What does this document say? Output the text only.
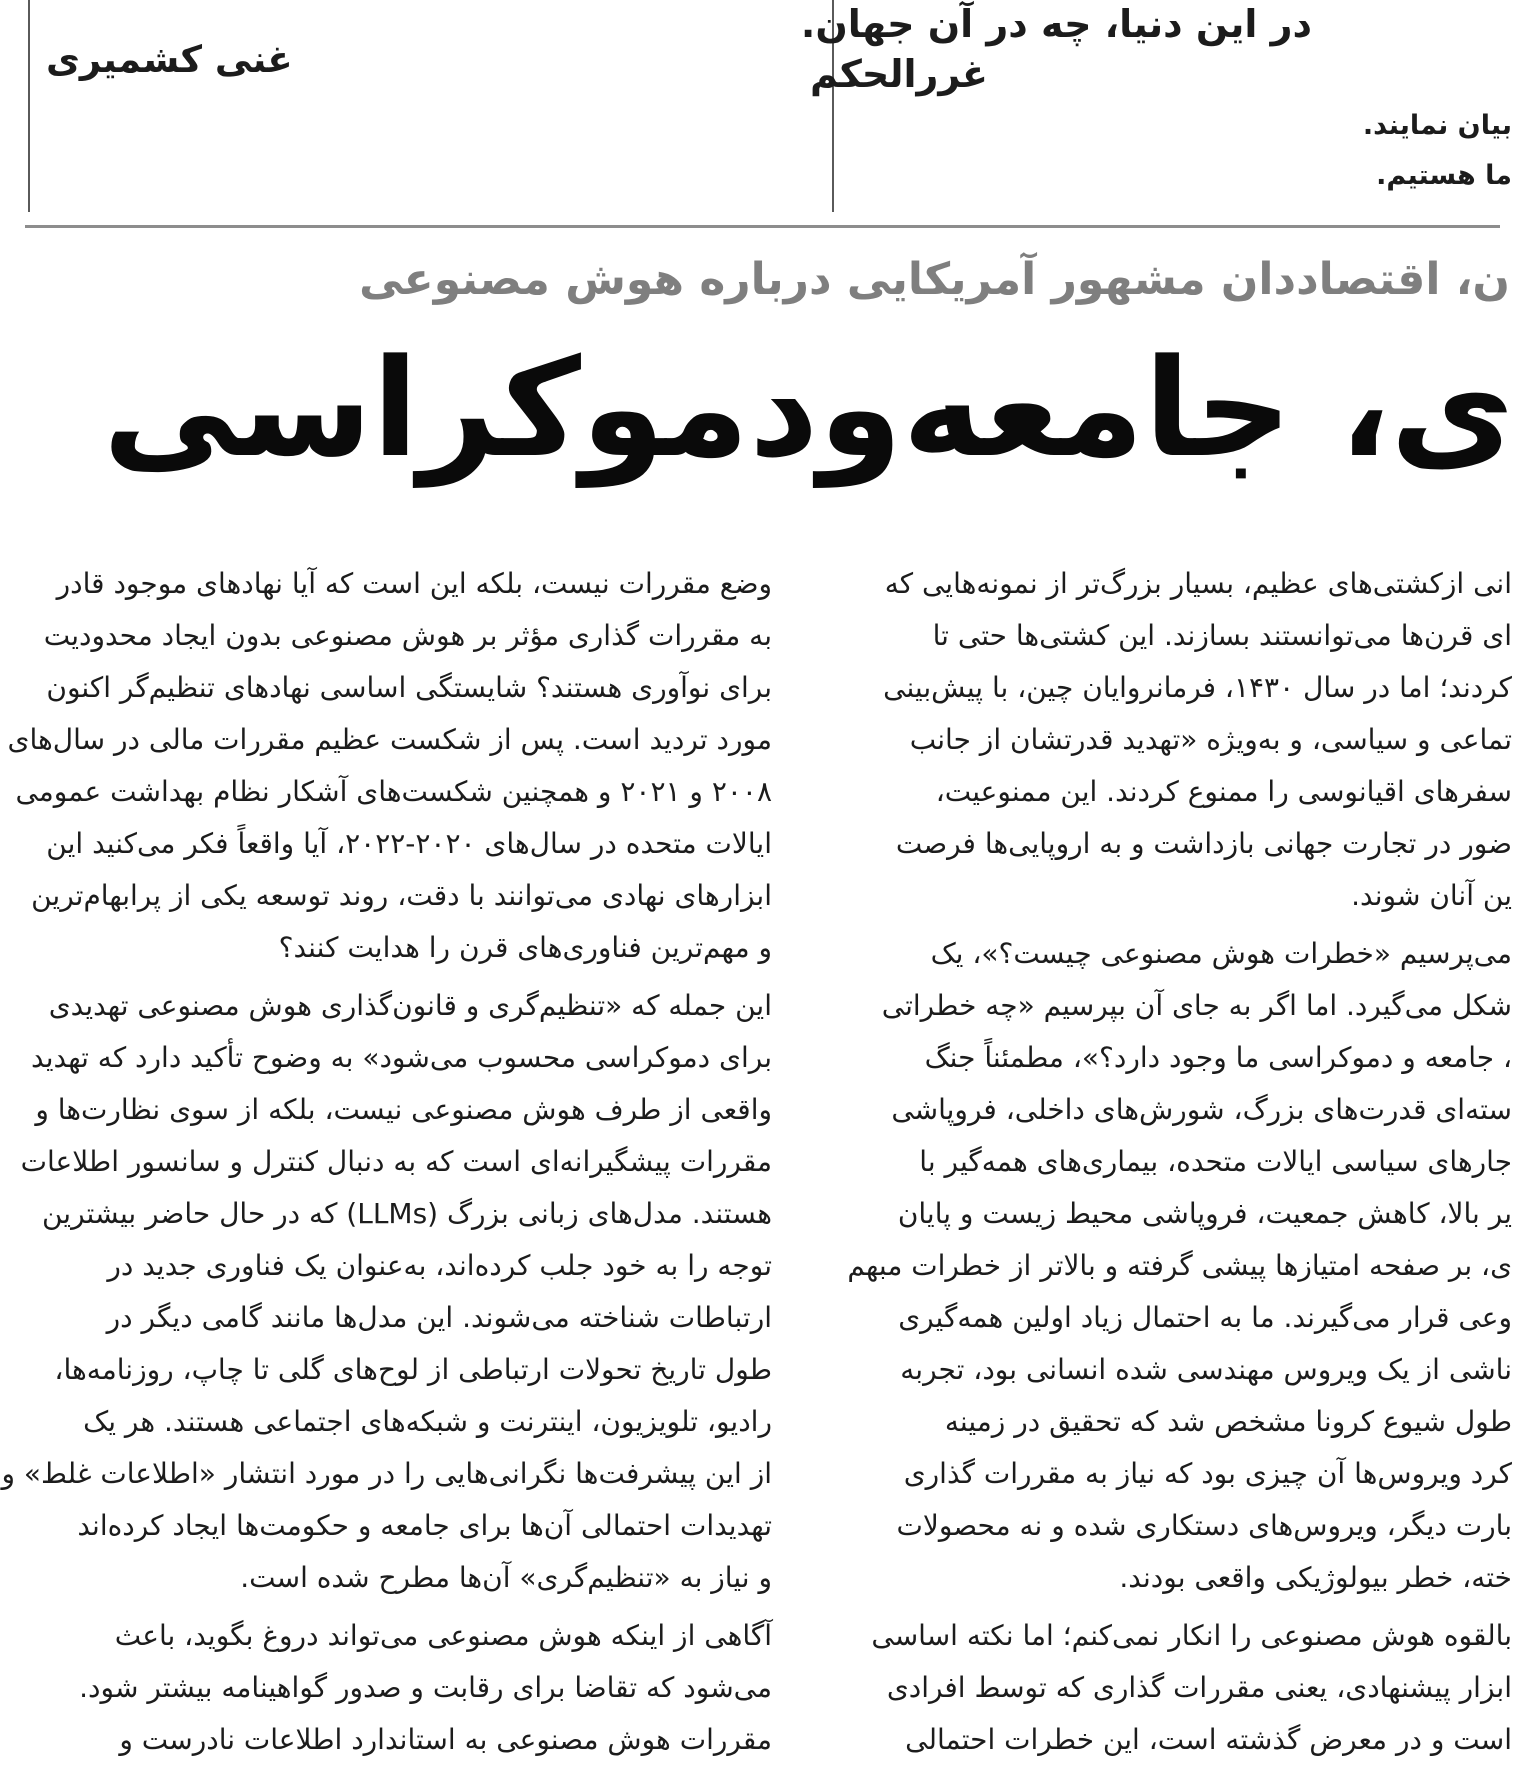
غنی کشمیری
در این دنیا، چه در آن جهان.
غررالحکم
بیان نمایند.
ما هستیم.
ن، اقتصاددان مشهور آمریکایی درباره هوش مصنوعی
ی، جامعه‌ودموکراسی
وضع مقررات نیست، بلکه این است که آیا نهادهای موجود قادر
به مقررات گذاری مؤثر بر هوش مصنوعی بدون ایجاد محدودیت
برای نوآوری هستند؟ شایستگی اساسی نهادهای تنظیم‌گر اکنون
مورد تردید است. پس از شکست عظیم مقررات مالی در سال‌های
۲۰۰۸ و ۲۰۲۱ و همچنین شکست‌های آشکار نظام بهداشت عمومی
ایالات متحده در سال‌های ۲۰۲۰-۲۰۲۲، آیا واقعاً فکر می‌کنید این
ابزارهای نهادی می‌توانند با دقت، روند توسعه یکی از پرابهام‌ترین
و مهم‌ترین فناوری‌های قرن را هدایت کنند؟
این جمله که «تنظیم‌گری و قانون‌گذاری هوش مصنوعی تهدیدی
برای دموکراسی محسوب می‌شود» به وضوح تأکید دارد که تهدید
واقعی از طرف هوش مصنوعی نیست، بلکه از سوی نظارت‌ها و
مقررات پیشگیرانه‌ای است که به دنبال کنترل و سانسور اطلاعات
هستند. مدل‌های زبانی بزرگ (LLMs) که در حال حاضر بیشترین
توجه را به خود جلب کرده‌اند، به‌عنوان یک فناوری جدید در
ارتباطات شناخته می‌شوند. این مدل‌ها مانند گامی دیگر در
طول تاریخ تحولات ارتباطی از لوح‌های گلی تا چاپ، روزنامه‌ها،
رادیو، تلویزیون، اینترنت و شبکه‌های اجتماعی هستند. هر یک
از این پیشرفت‌ها نگرانی‌هایی را در مورد انتشار «اطلاعات غلط» و
تهدیدات احتمالی آن‌ها برای جامعه و حکومت‌ها ایجاد کرده‌اند
و نیاز به «تنظیم‌گری» آن‌ها مطرح شده است.
آگاهی از اینکه هوش مصنوعی می‌تواند دروغ بگوید، باعث
می‌شود که تقاضا برای رقابت و صدور گواهینامه بیشتر شود.
مقررات هوش مصنوعی به استاندارد اطلاعات نادرست و
انی ازکشتی‌های عظیم، بسیار بزرگ‌تر از نمونه‌هایی که
ای قرن‌ها می‌توانستند بسازند. این کشتی‌ها حتی تا
کردند؛ اما در سال ۱۴۳۰، فرمانروایان چین، با پیش‌بینی
تماعی و سیاسی، و به‌ویژه «تهدید قدرتشان از جانب
سفرهای اقیانوسی را ممنوع کردند. این ممنوعیت،
ضور در تجارت جهانی بازداشت و به اروپایی‌ها فرصت
ین آنان شوند.
می‌پرسیم «خطرات هوش مصنوعی چیست؟»، یک
شکل می‌گیرد. اما اگر به جای آن بپرسیم «چه خطراتی
، جامعه و دموکراسی ما وجود دارد؟»، مطمئناً جنگ
سته‌ای قدرت‌های بزرگ، شورش‌های داخلی، فروپاشی
جارهای سیاسی ایالات متحده، بیماری‌های همه‌گیر با
یر بالا، کاهش جمعیت، فروپاشی محیط زیست و پایان
ی، بر صفحه امتیازها پیشی گرفته و بالاتر از خطرات مبهم
وعی قرار می‌گیرند. ما به احتمال زیاد اولین همه‌گیری
ناشی از یک ویروس مهندسی شده انسانی بود، تجربه
طول شیوع کرونا مشخص شد که تحقیق در زمینه
کرد ویروس‌ها آن چیزی بود که نیاز به مقررات گذاری
بارت دیگر، ویروس‌های دستکاری شده و نه محصولات
خته، خطر بیولوژیکی واقعی بودند.
بالقوه هوش مصنوعی را انکار نمی‌کنم؛ اما نکته اساسی
ابزار پیشنهادی، یعنی مقررات گذاری که توسط افرادی
است و در معرض گذشته است، این خطرات احتمالی
